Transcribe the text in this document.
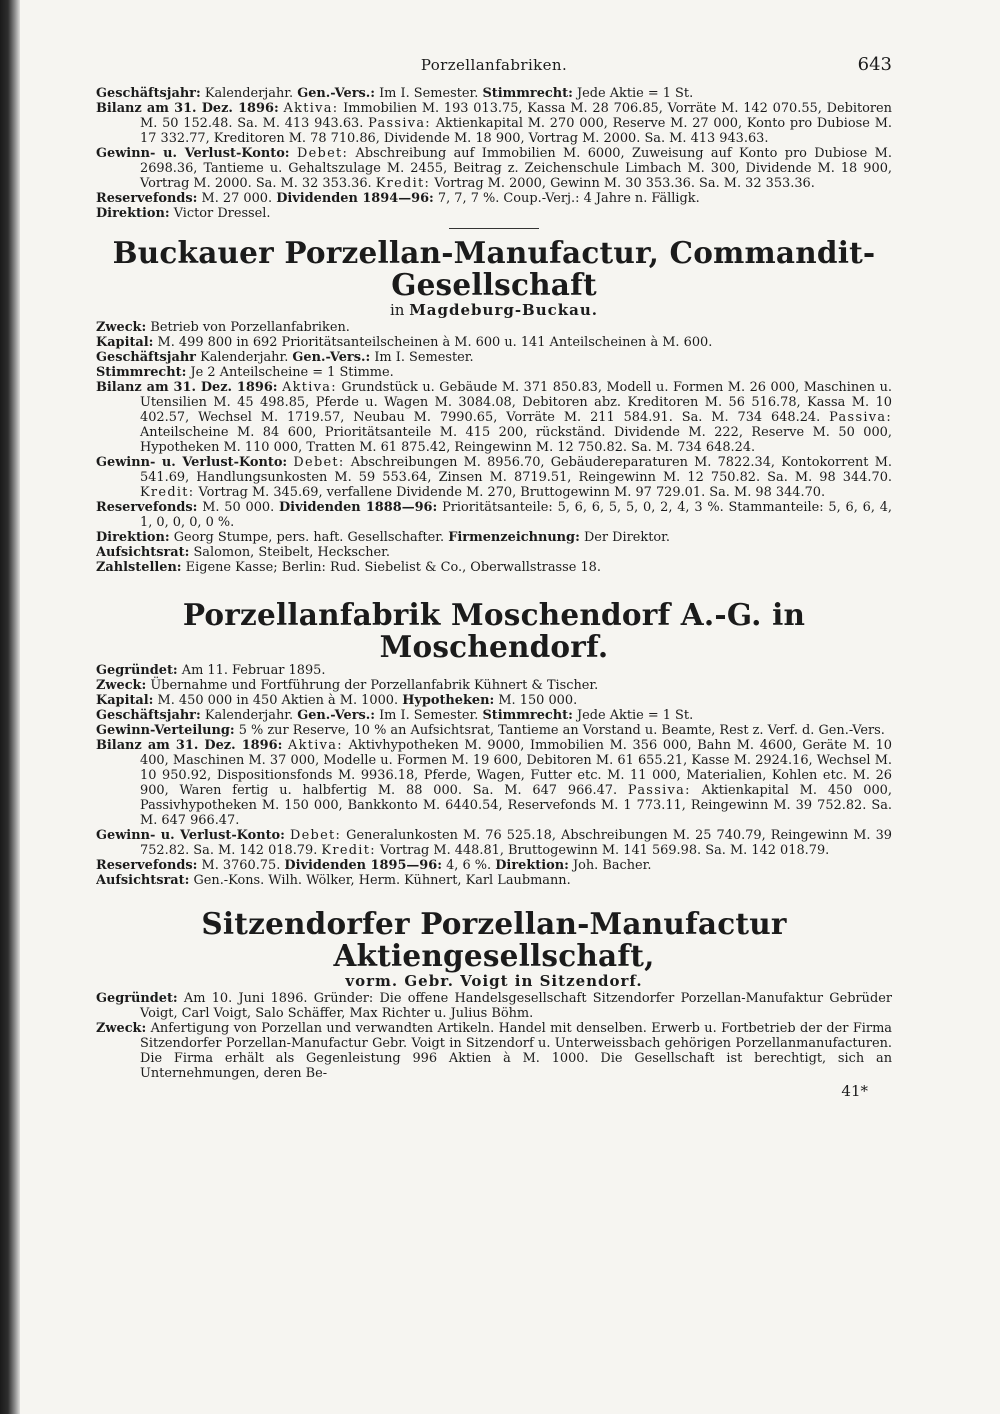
Porzellanfabriken.	643

Geschäftsjahr: Kalenderjahr. Gen.-Vers.: Im I. Semester. Stimmrecht: Jede Aktie = 1 St.

Bilanz am 31. Dez. 1896: Aktiva: Immobilien M. 193 013.75, Kassa M. 28 706.85, Vorräte M. 142 070.55, Debitoren M. 50 152.48. Sa. M. 413 943.63. Passiva: Aktienkapital M. 270 000, Reserve M. 27 000, Konto pro Dubiose M. 17 332.77, Kreditoren M. 78 710.86, Dividende M. 18 900, Vortrag M. 2000. Sa. M. 413 943.63.

Gewinn- u. Verlust-Konto: Debet: Abschreibung auf Immobilien M. 6000, Zuweisung auf Konto pro Dubiose M. 2698.36, Tantieme u. Gehaltszulage M. 2455, Beitrag z. Zeichenschule Limbach M. 300, Dividende M. 18 900, Vortrag M. 2000. Sa. M. 32 353.36. Kredit: Vortrag M. 2000, Gewinn M. 30 353.36. Sa. M. 32 353.36.

Reservefonds: M. 27 000. Dividenden 1894—96: 7, 7, 7 %. Coup.-Verj.: 4 Jahre n. Fälligk.

Direktion: Victor Dressel.

Buckauer Porzellan-Manufactur, Commandit-Gesellschaft

in Magdeburg-Buckau.

Zweck: Betrieb von Porzellanfabriken.

Kapital: M. 499 800 in 692 Prioritätsanteilscheinen à M. 600 u. 141 Anteilscheinen à M. 600.

Geschäftsjahr Kalenderjahr. Gen.-Vers.: Im I. Semester.

Stimmrecht: Je 2 Anteilscheine = 1 Stimme.

Bilanz am 31. Dez. 1896: Aktiva: Grundstück u. Gebäude M. 371 850.83, Modell u. Formen M. 26 000, Maschinen u. Utensilien M. 45 498.85, Pferde u. Wagen M. 3084.08, Debitoren abz. Kreditoren M. 56 516.78, Kassa M. 10 402.57, Wechsel M. 1719.57, Neubau M. 7990.65, Vorräte M. 211 584.91. Sa. M. 734 648.24. Passiva: Anteilscheine M. 84 600, Prioritätsanteile M. 415 200, rückständ. Dividende M. 222, Reserve M. 50 000, Hypotheken M. 110 000, Tratten M. 61 875.42, Reingewinn M. 12 750.82. Sa. M. 734 648.24.

Gewinn- u. Verlust-Konto: Debet: Abschreibungen M. 8956.70, Gebäudereparaturen M. 7822.34, Kontokorrent M. 541.69, Handlungsunkosten M. 59 553.64, Zinsen M. 8719.51, Reingewinn M. 12 750.82. Sa. M. 98 344.70. Kredit: Vortrag M. 345.69, verfallene Dividende M. 270, Bruttogewinn M. 97 729.01. Sa. M. 98 344.70.

Reservefonds: M. 50 000. Dividenden 1888—96: Prioritätsanteile: 5, 6, 6, 5, 5, 0, 2, 4, 3 %. Stammanteile: 5, 6, 6, 4, 1, 0, 0, 0, 0 %.

Direktion: Georg Stumpe, pers. haft. Gesellschafter. Firmenzeichnung: Der Direktor.

Aufsichtsrat: Salomon, Steibelt, Heckscher.

Zahlstellen: Eigene Kasse; Berlin: Rud. Siebelist & Co., Oberwallstrasse 18.

Porzellanfabrik Moschendorf A.-G. in Moschendorf.

Gegründet: Am 11. Februar 1895.

Zweck: Übernahme und Fortführung der Porzellanfabrik Kühnert & Tischer.

Kapital: M. 450 000 in 450 Aktien à M. 1000. Hypotheken: M. 150 000.

Geschäftsjahr: Kalenderjahr. Gen.-Vers.: Im I. Semester. Stimmrecht: Jede Aktie = 1 St.

Gewinn-Verteilung: 5 % zur Reserve, 10 % an Aufsichtsrat, Tantieme an Vorstand u. Beamte, Rest z. Verf. d. Gen.-Vers.

Bilanz am 31. Dez. 1896: Aktiva: Aktivhypotheken M. 9000, Immobilien M. 356 000, Bahn M. 4600, Geräte M. 10 400, Maschinen M. 37 000, Modelle u. Formen M. 19 600, Debitoren M. 61 655.21, Kasse M. 2924.16, Wechsel M. 10 950.92, Dispositionsfonds M. 9936.18, Pferde, Wagen, Futter etc. M. 11 000, Materialien, Kohlen etc. M. 26 900, Waren fertig u. halbfertig M. 88 000. Sa. M. 647 966.47. Passiva: Aktienkapital M. 450 000, Passivhypotheken M. 150 000, Bankkonto M. 6440.54, Reservefonds M. 1 773.11, Reingewinn M. 39 752.82. Sa. M. 647 966.47.

Gewinn- u. Verlust-Konto: Debet: Generalunkosten M. 76 525.18, Abschreibungen M. 25 740.79, Reingewinn M. 39 752.82. Sa. M. 142 018.79. Kredit: Vortrag M. 448.81, Bruttogewinn M. 141 569.98. Sa. M. 142 018.79.

Reservefonds: M. 3760.75. Dividenden 1895—96: 4, 6 %. Direktion: Joh. Bacher.

Aufsichtsrat: Gen.-Kons. Wilh. Wölker, Herm. Kühnert, Karl Laubmann.

Sitzendorfer Porzellan-Manufactur Aktiengesellschaft,

vorm. Gebr. Voigt in Sitzendorf.

Gegründet: Am 10. Juni 1896. Gründer: Die offene Handelsgesellschaft Sitzendorfer Porzellan-Manufaktur Gebrüder Voigt, Carl Voigt, Salo Schäffer, Max Richter u. Julius Böhm.

Zweck: Anfertigung von Porzellan und verwandten Artikeln. Handel mit denselben. Erwerb u. Fortbetrieb der der Firma Sitzendorfer Porzellan-Manufactur Gebr. Voigt in Sitzendorf u. Unterweissbach gehörigen Porzellanmanufacturen. Die Firma erhält als Gegenleistung 996 Aktien à M. 1000. Die Gesellschaft ist berechtigt, sich an Unternehmungen, deren Be-

41*
